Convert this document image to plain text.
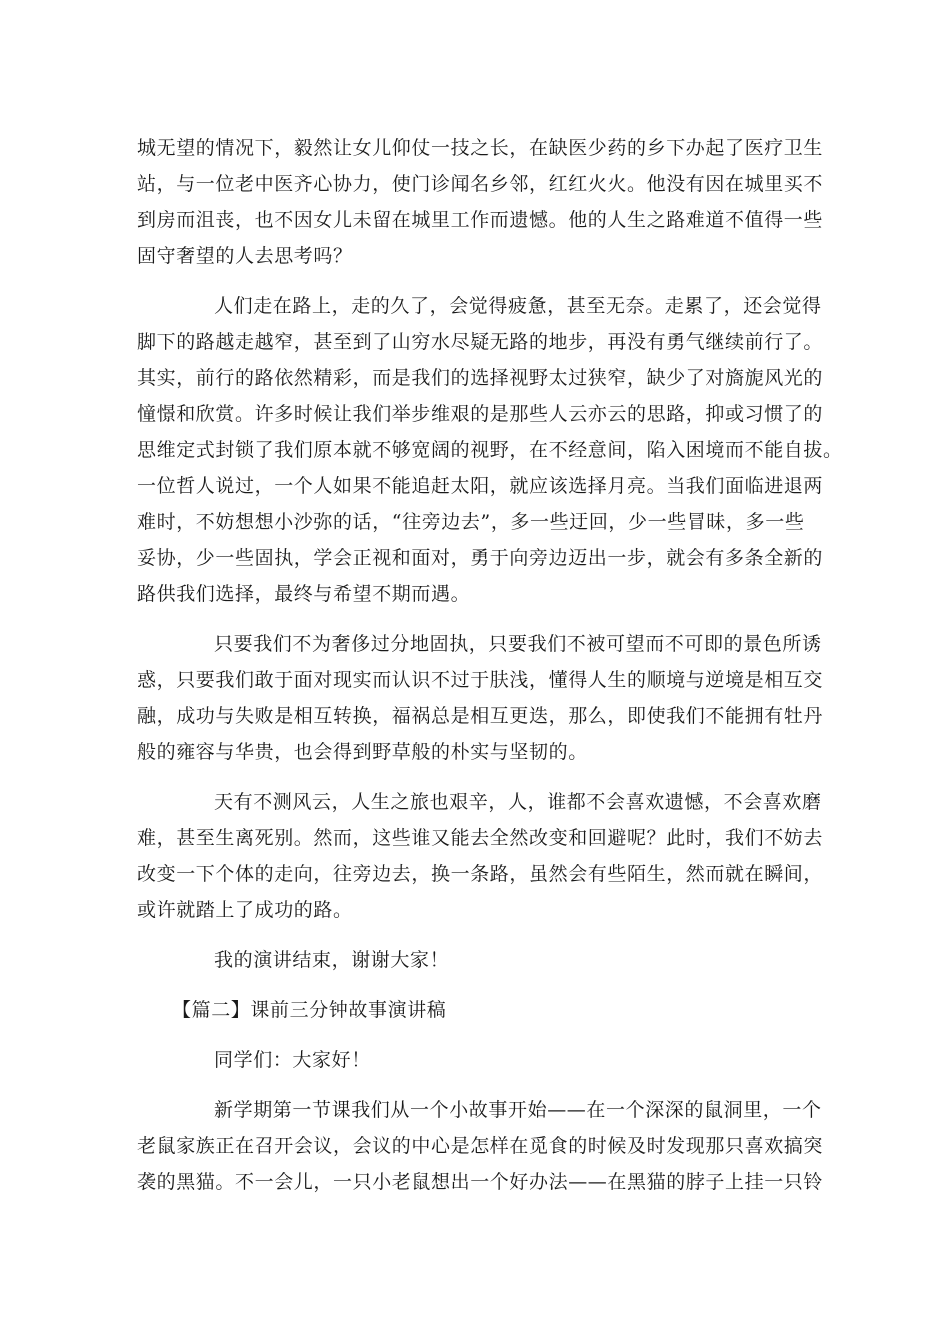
城无望的情况下，毅然让女儿仰仗一技之长，在缺医少药的乡下办起了医疗卫生
站，与一位老中医齐心协力，使门诊闻名乡邻，红红火火。他没有因在城里买不
到房而沮丧，也不因女儿未留在城里工作而遗憾。他的人生之路难道不值得一些
固守奢望的人去思考吗？
人们走在路上，走的久了，会觉得疲惫，甚至无奈。走累了，还会觉得
脚下的路越走越窄，甚至到了山穷水尽疑无路的地步，再没有勇气继续前行了。
其实，前行的路依然精彩，而是我们的选择视野太过狭窄，缺少了对旖旎风光的
憧憬和欣赏。许多时候让我们举步维艰的是那些人云亦云的思路，抑或习惯了的
思维定式封锁了我们原本就不够宽阔的视野，在不经意间，陷入困境而不能自拔。
一位哲人说过，一个人如果不能追赶太阳，就应该选择月亮。当我们面临进退两
难时，不妨想想小沙弥的话，“往旁边去”，多一些迂回，少一些冒昧，多一些
妥协，少一些固执，学会正视和面对，勇于向旁边迈出一步，就会有多条全新的
路供我们选择，最终与希望不期而遇。
只要我们不为奢侈过分地固执，只要我们不被可望而不可即的景色所诱
惑，只要我们敢于面对现实而认识不过于肤浅，懂得人生的顺境与逆境是相互交
融，成功与失败是相互转换，福祸总是相互更迭，那么，即使我们不能拥有牡丹
般的雍容与华贵，也会得到野草般的朴实与坚韧的。
天有不测风云，人生之旅也艰辛，人，谁都不会喜欢遗憾，不会喜欢磨
难，甚至生离死别。然而，这些谁又能去全然改变和回避呢？此时，我们不妨去
改变一下个体的走向，往旁边去，换一条路，虽然会有些陌生，然而就在瞬间，
或许就踏上了成功的路。
我的演讲结束，谢谢大家！
【篇二】课前三分钟故事演讲稿
同学们：大家好！
新学期第一节课我们从一个小故事开始——在一个深深的鼠洞里，一个
老鼠家族正在召开会议，会议的中心是怎样在觅食的时候及时发现那只喜欢搞突
袭的黑猫。不一会儿，一只小老鼠想出一个好办法——在黑猫的脖子上挂一只铃
